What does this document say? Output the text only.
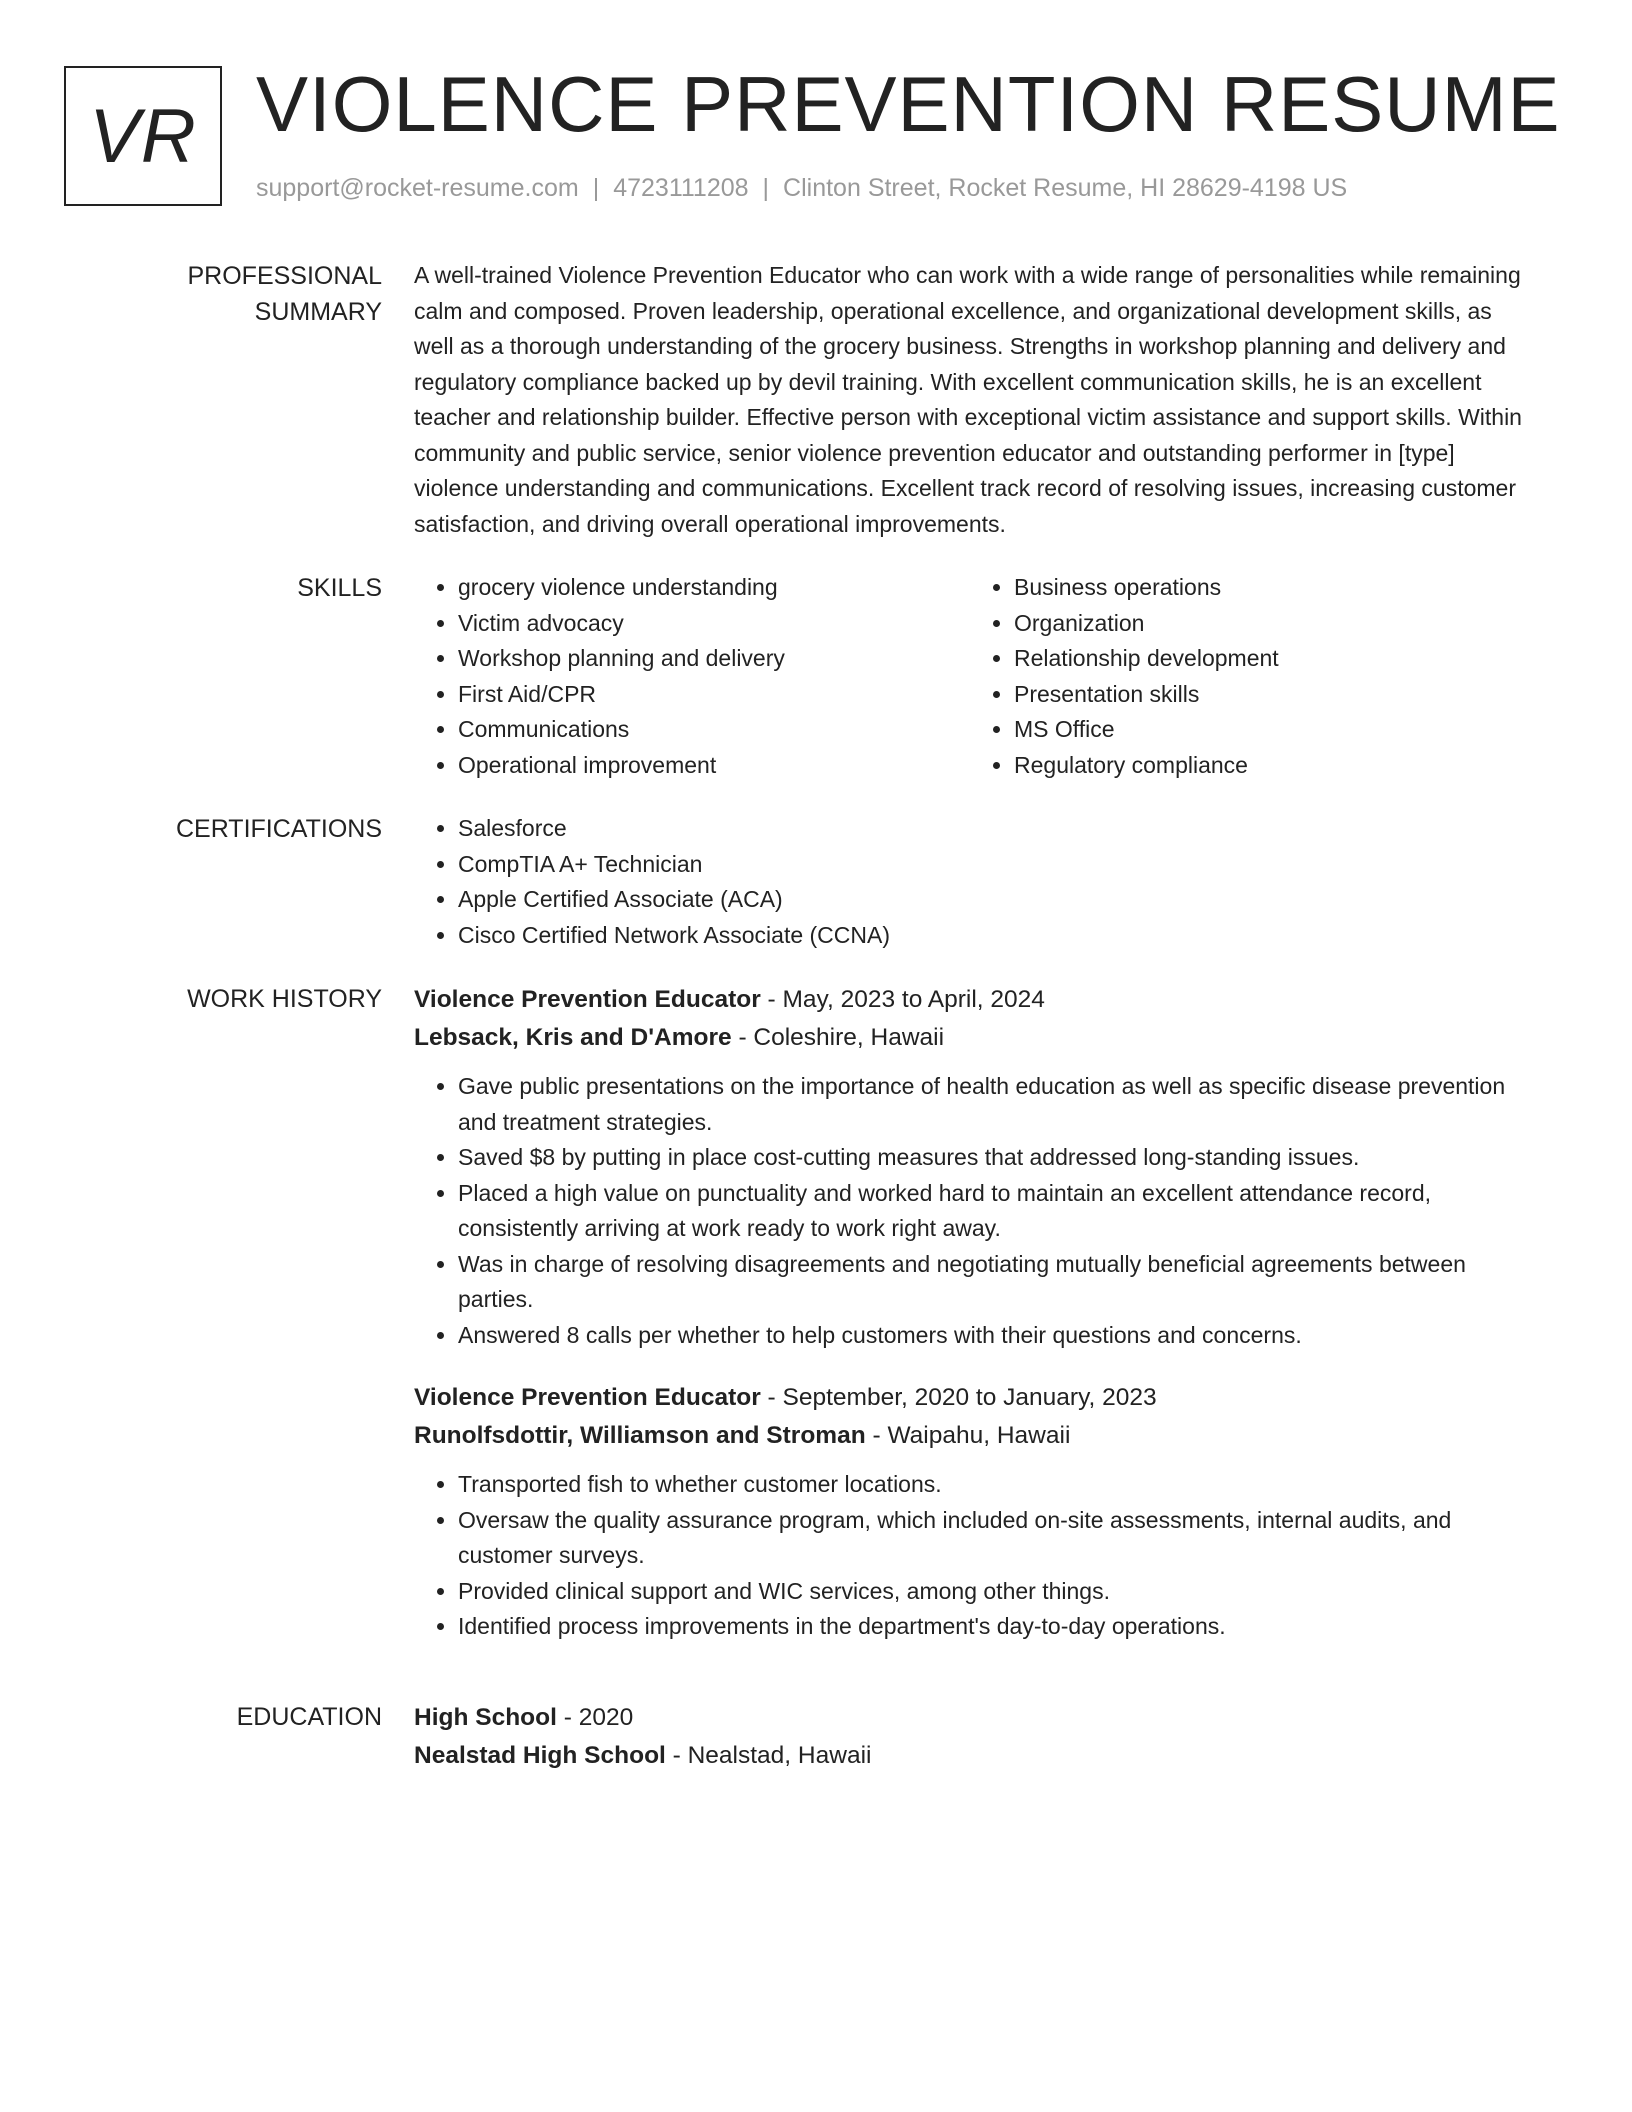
VR VIOLENCE PREVENTION RESUME
support@rocket-resume.com | 4723111208 | Clinton Street, Rocket Resume, HI 28629-4198 US
PROFESSIONAL SUMMARY

A well-trained Violence Prevention Educator who can work with a wide range of personalities while remaining calm and composed. Proven leadership, operational excellence, and organizational development skills, as well as a thorough understanding of the grocery business. Strengths in workshop planning and delivery and regulatory compliance backed up by devil training. With excellent communication skills, he is an excellent teacher and relationship builder. Effective person with exceptional victim assistance and support skills. Within community and public service, senior violence prevention educator and outstanding performer in [type] violence understanding and communications. Excellent track record of resolving issues, increasing customer satisfaction, and driving overall operational improvements.

SKILLS	• grocery violence understanding
• Victim advocacy
• Workshop planning and delivery
• First Aid/CPR
• Communications
• Operational improvement
• Business operations
• Organization
• Relationship development
• Presentation skills
• MS Office
• Regulatory compliance
CERTIFICATIONS	• Salesforce
• CompTIA A+ Technician
• Apple Certified Associate (ACA)
• Cisco Certified Network Associate (CCNA)
WORK HISTORY	Violence Prevention Educator - May, 2023 to April, 2024
Lebsack, Kris and D'Amore - Coleshire, Hawaii
• Gave public presentations on the importance of health education as well as specific disease prevention and treatment strategies.
• Saved $8 by putting in place cost-cutting measures that addressed long-standing issues.
• Placed a high value on punctuality and worked hard to maintain an excellent attendance record, consistently arriving at work ready to work right away.
• Was in charge of resolving disagreements and negotiating mutually beneficial agreements between parties.
• Answered 8 calls per whether to help customers with their questions and concerns.
Violence Prevention Educator - September, 2020 to January, 2023
Runolfsdottir, Williamson and Stroman - Waipahu, Hawaii
• Transported fish to whether customer locations.
• Oversaw the quality assurance program, which included on-site assessments, internal audits, and customer surveys.
• Provided clinical support and WIC services, among other things.
• Identified process improvements in the department's day-to-day operations.
EDUCATION	High School - 2020
Nealstad High School - Nealstad, Hawaii
